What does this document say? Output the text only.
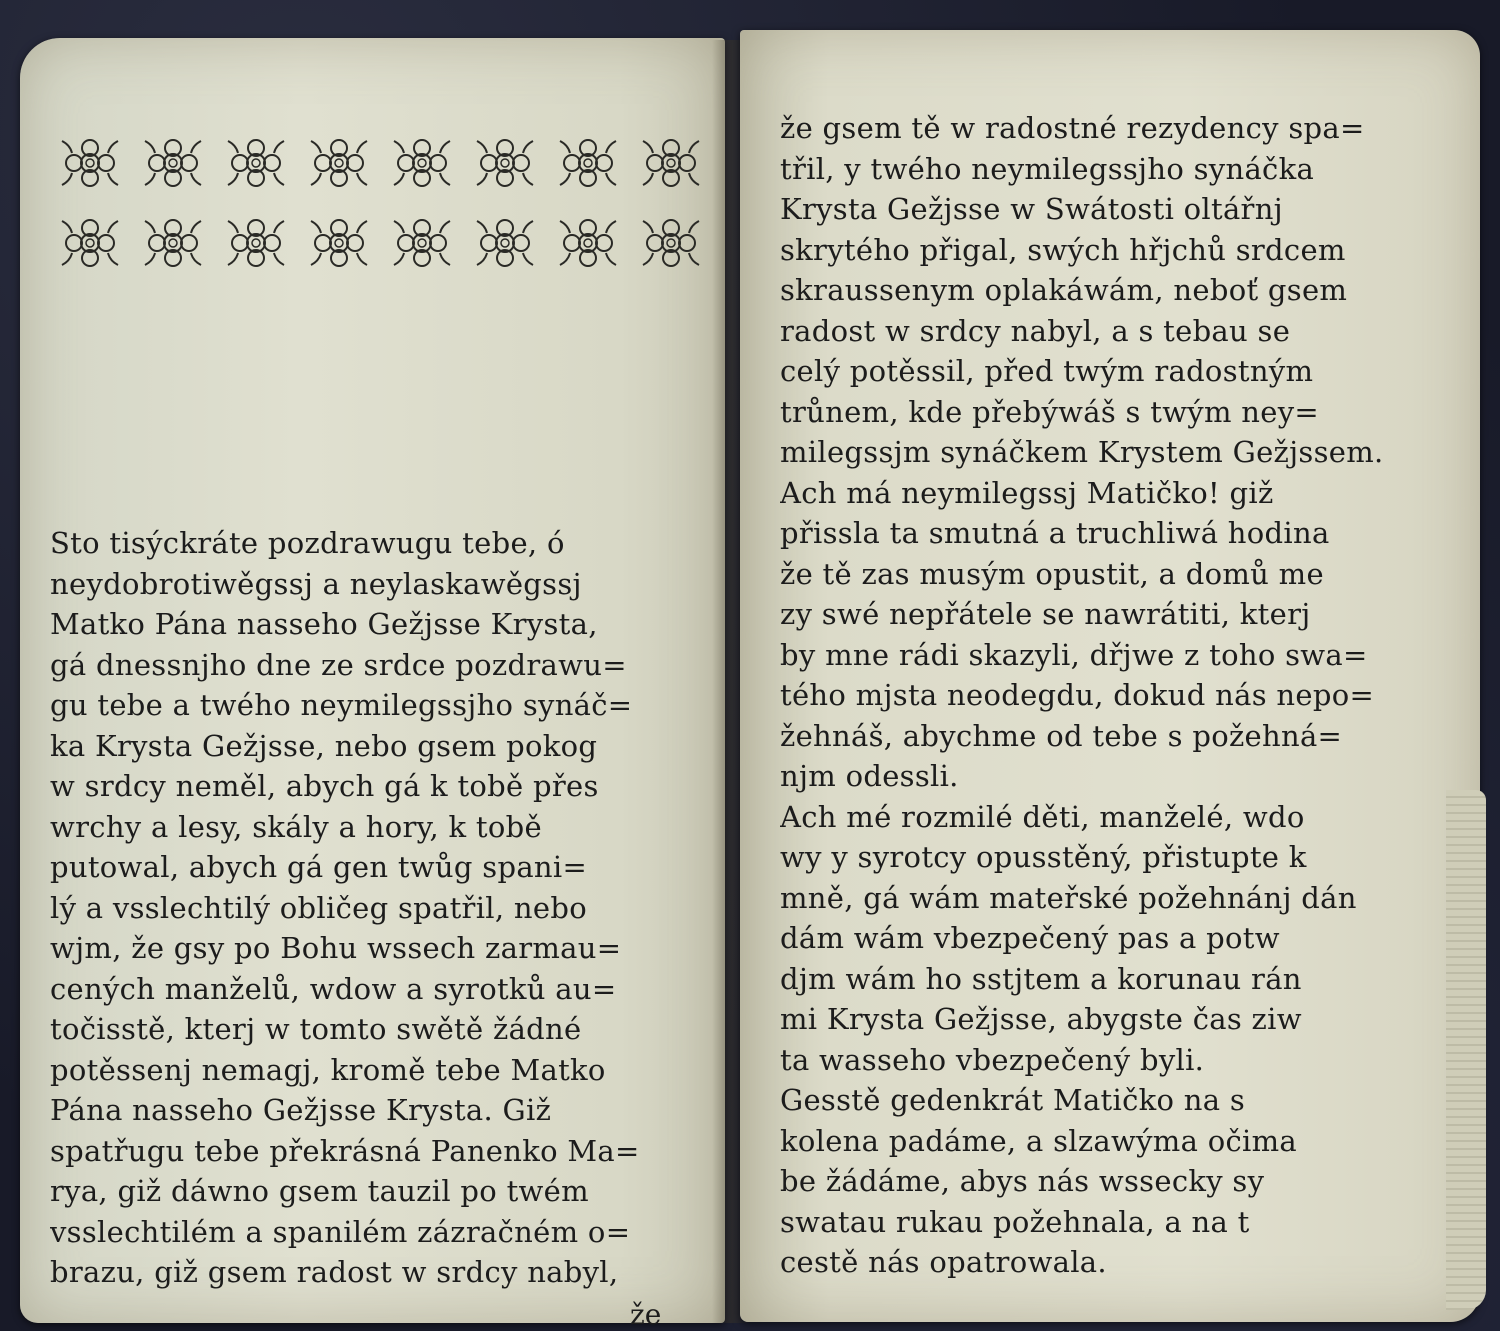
Sto tisýckráte pozdrawugu tebe, ó
neydobrotiwěgssj a neylaskawěgssj
Matko Pána nasseho Gežjsse Krysta,
gá dnessnjho dne ze srdce pozdrawu=
gu tebe a twého neymilegssjho synáč=
ka Krysta Gežjsse, nebo gsem pokog
w srdcy neměl, abych gá k tobě přes
wrchy a lesy, skály a hory, k tobě
putowal, abych gá gen twůg spani=
lý a vsslechtilý obličeg spatřil, nebo
wjm, že gsy po Bohu wssech zarmau=
cených manželů, wdow a syrotků au=
točisstě, kterj w tomto swětě žádné
potěssenj nemagj, kromě tebe Matko
Pána nasseho Gežjsse Krysta. Giž
spatřugu tebe překrásná Panenko Ma=
rya, giž dáwno gsem tauzil po twém
vsslechtilém a spanilém zázračném o=
brazu, giž gsem radost w srdcy nabyl,
že
že gsem tě w radostné rezydency spa=
třil, y twého neymilegssjho synáčka
Krysta Gežjsse w Swátosti oltářnj
skrytého přigal, swých hřjchů srdcem
skraussenym oplakáwám, neboť gsem
radost w srdcy nabyl, a s tebau se
celý potěssil, před twým radostným
trůnem, kde přebýwáš s twým ney=
milegssjm synáčkem Krystem Gežjssem.
Ach má neymilegssj Matičko! giž
přissla ta smutná a truchliwá hodina
že tě zas musým opustit, a domů me
zy swé nepřátele se nawrátiti, kterj
by mne rádi skazyli, dřjwe z toho swa=
tého mjsta neodegdu, dokud nás nepo=
žehnáš, abychme od tebe s požehná=
njm odessli.
Ach mé rozmilé děti, manželé, wdo
wy y syrotcy opusstěný, přistupte k
mně, gá wám mateřské požehnánj dán
dám wám vbezpečený pas a potw
djm wám ho sstjtem a korunau rán
mi Krysta Gežjsse, abygste čas ziw
ta wasseho vbezpečený byli.
Gesstě gedenkrát Matičko na s
kolena padáme, a slzawýma očima
be žádáme, abys nás wssecky sy
swatau rukau požehnala, a na t
cestě nás opatrowala.
